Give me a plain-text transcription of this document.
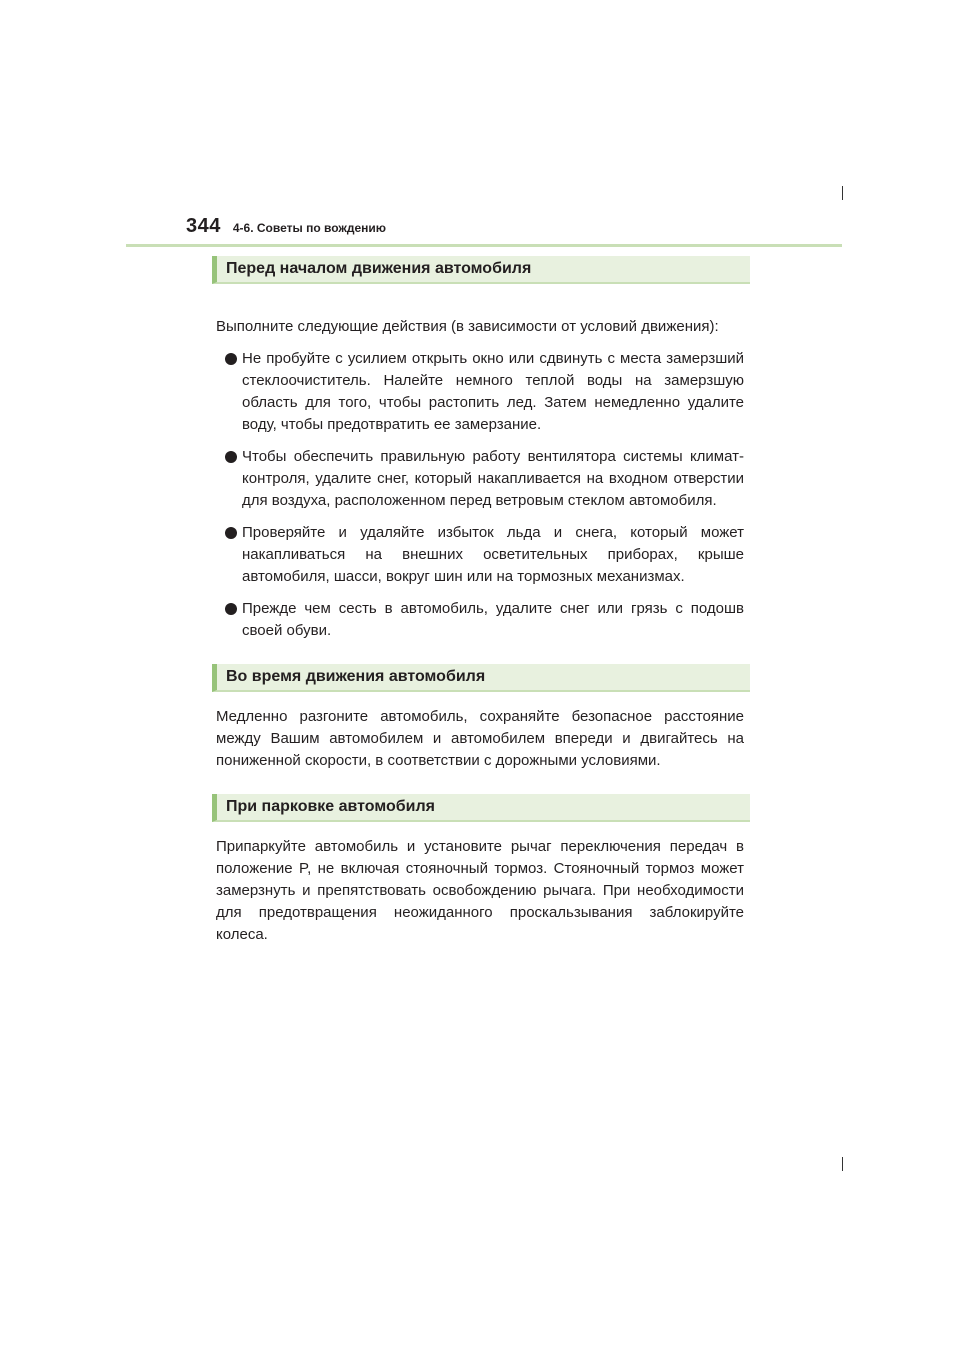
344 4-6. Советы по вождению
Перед началом движения автомобиля

Выполните следующие действия (в зависимости от условий движения):

Не пробуйте с усилием открыть окно или сдвинуть с места замерзший стеклоочиститель. Налейте немного теплой воды на замерзшую область для того, чтобы растопить лед. Затем немедленно удалите воду, чтобы предотвратить ее замерзание.
Чтобы обеспечить правильную работу вентилятора системы климат-контроля, удалите снег, который накапливается на входном отверстии для воздуха, расположенном перед ветровым стеклом автомобиля.
Проверяйте и удаляйте избыток льда и снега, который может накапливаться на внешних осветительных приборах, крыше автомобиля, шасси, вокруг шин или на тормозных механизмах.
Прежде чем сесть в автомобиль, удалите снег или грязь с подошв своей обуви.
Во время движения автомобиля

Медленно разгоните автомобиль, сохраняйте безопасное расстояние между Вашим автомобилем и автомобилем впереди и двигайтесь на пониженной скорости, в соответствии с дорожными условиями.

При парковке автомобиля

Припаркуйте автомобиль и установите рычаг переключения передач в положение P, не включая стояночный тормоз. Стояночный тормоз может замерзнуть и препятствовать освобождению рычага. При необходимости для предотвращения неожиданного проскальзывания заблокируйте колеса.
